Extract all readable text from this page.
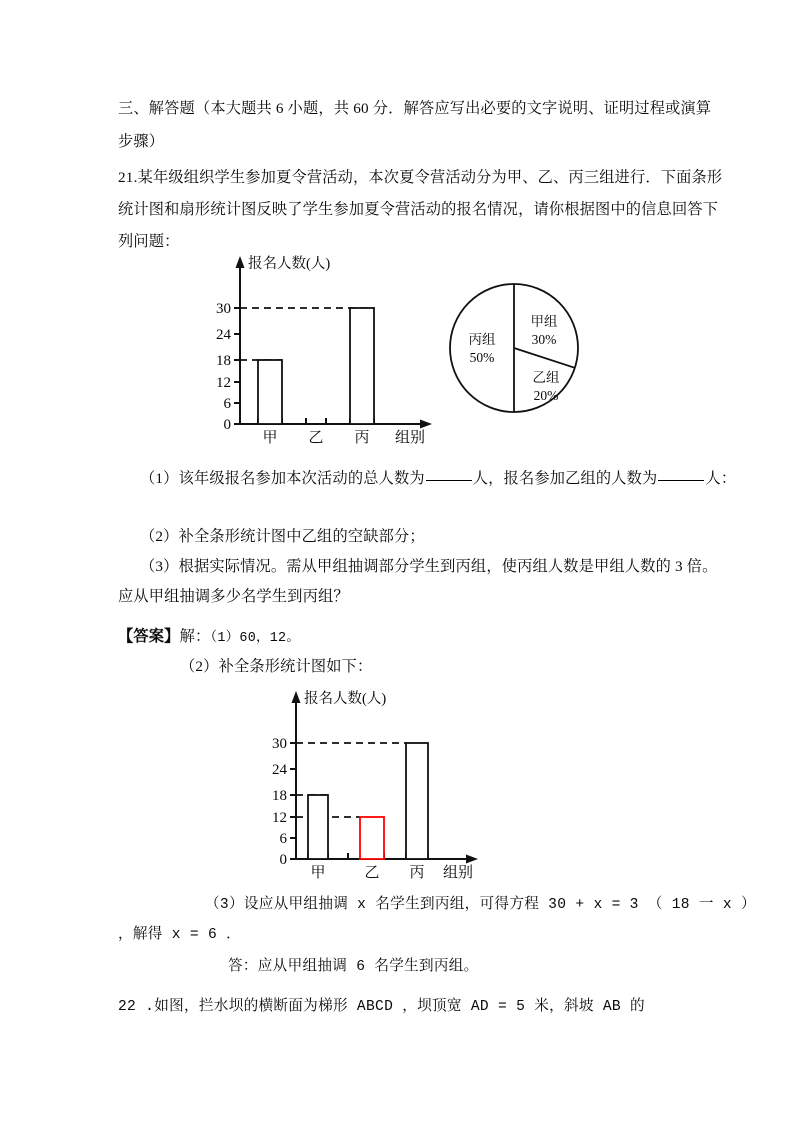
三、解答题（本大题共 6 小题，共 60 分．解答应写出必要的文字说明、证明过程或演算
步骤）
21.某年级组织学生参加夏令营活动，本次夏令营活动分为甲、乙、丙三组进行．下面条形
统计图和扇形统计图反映了学生参加夏令营活动的报名情况，请你根据图中的信息回答下
列问题：
报名人数(人)
0
6
12
18
24
30
甲 乙 丙 组别
甲组
30%
乙组
20%
丙组
50%
（1）该年级报名参加本次活动的总人数为	人，报名参加乙组的人数为	人：
（2）补全条形统计图中乙组的空缺部分；
（3）根据实际情况。需从甲组抽调部分学生到丙组，使丙组人数是甲组人数的 3 倍。
应从甲组抽调多少名学生到丙组？
【答案】解：（1）60，12。
（2）补全条形统计图如下：
报名人数(人)
0
6
12
18
24
30
甲	乙 丙 组别
（3）设应从甲组抽调 x 名学生到丙组，可得方程 30 + x = 3 （ 18 一 x ）
，解得 x = 6 ．
答：应从甲组抽调 6 名学生到丙组。
22 .如图，拦水坝的横断面为梯形 ABCD ，坝顶宽 AD = 5 米，斜坡 AB 的
